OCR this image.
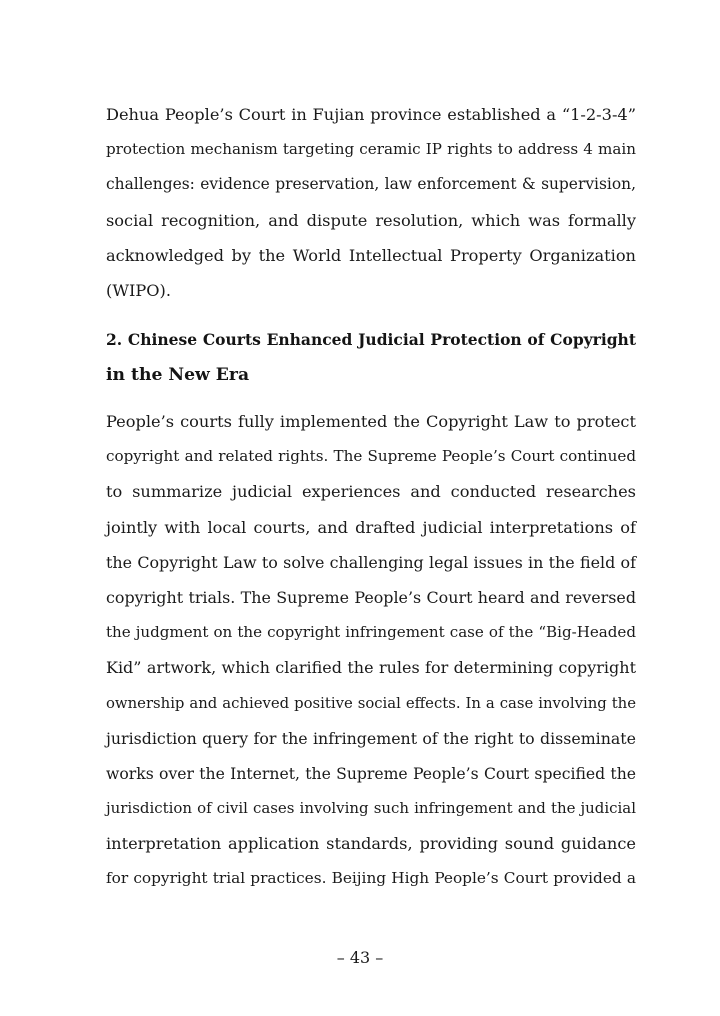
Dehua People’s Court in Fujian province established a “1-2-3-4”
protection mechanism targeting ceramic IP rights to address 4 main
challenges: evidence preservation, law enforcement & supervision,
social recognition, and dispute resolution, which was formally
acknowledged by the World Intellectual Property Organization
(WIPO).
2. Chinese Courts Enhanced Judicial Protection of Copyright
in the New Era
People’s courts fully implemented the Copyright Law to protect
copyright and related rights. The Supreme People’s Court continued
to summarize judicial experiences and conducted researches
jointly with local courts, and drafted judicial interpretations of
the Copyright Law to solve challenging legal issues in the field of
copyright trials. The Supreme People’s Court heard and reversed
the judgment on the copyright infringement case of the “Big-Headed
Kid” artwork, which clarified the rules for determining copyright
ownership and achieved positive social effects. In a case involving the
jurisdiction query for the infringement of the right to disseminate
works over the Internet, the Supreme People’s Court specified the
jurisdiction of civil cases involving such infringement and the judicial
interpretation application standards, providing sound guidance
for copyright trial practices. Beijing High People’s Court provided a
– 43 –
